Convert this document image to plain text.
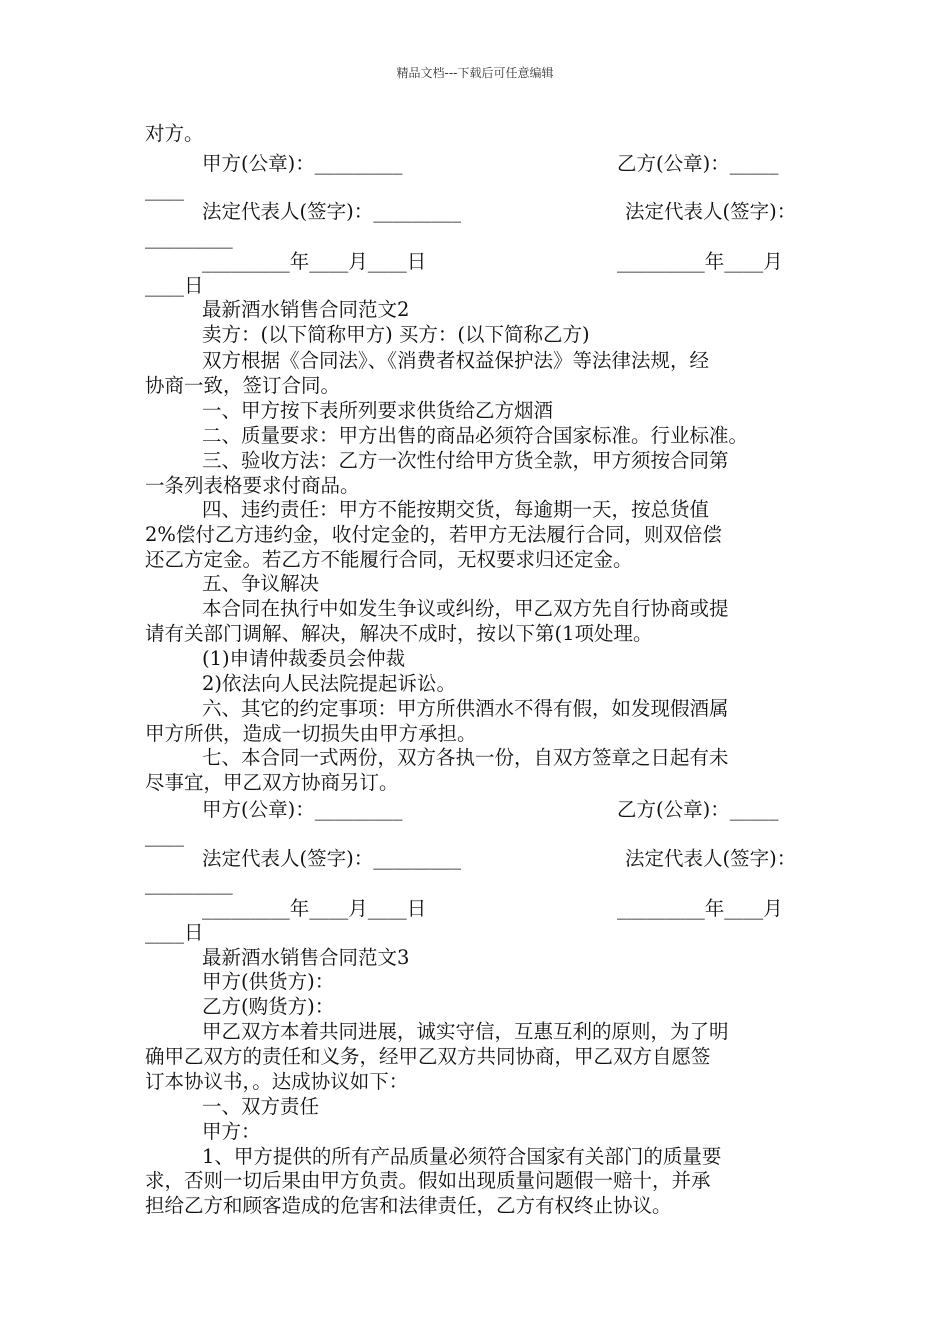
精品文档---下载后可任意编辑
对方。
甲方(公章)：_________	乙方(公章)：_____
____
法定代表人(签字)：_________	法定代表人(签字)：
_________
_________年____月____日	_________年____月
____日
最新酒水销售合同范文2
卖方：(以下简称甲方) 买方：(以下简称乙方)
双方根据《合同法》、《消费者权益保护法》等法律法规，经
协商一致，签订合同。
一、甲方按下表所列要求供货给乙方烟酒
二、质量要求：甲方出售的商品必须符合国家标准。行业标准。
三、验收方法：乙方一次性付给甲方货全款，甲方须按合同第
一条列表格要求付商品。
四、违约责任：甲方不能按期交货，每逾期一天，按总货值
2%偿付乙方违约金，收付定金的，若甲方无法履行合同，则双倍偿
还乙方定金。若乙方不能履行合同，无权要求归还定金。
五、争议解决
本合同在执行中如发生争议或纠纷，甲乙双方先自行协商或提
请有关部门调解、解决，解决不成时，按以下第(1项处理。
(1)申请仲裁委员会仲裁
2)依法向人民法院提起诉讼。
六、其它的约定事项：甲方所供酒水不得有假，如发现假酒属
甲方所供，造成一切损失由甲方承担。
七、本合同一式两份，双方各执一份，自双方签章之日起有未
尽事宜，甲乙双方协商另订。
甲方(公章)：_________	乙方(公章)：_____
____
法定代表人(签字)：_________	法定代表人(签字)：
_________
_________年____月____日	_________年____月
____日
最新酒水销售合同范文3
甲方(供货方)：
乙方(购货方)：
甲乙双方本着共同进展，诚实守信，互惠互利的原则，为了明
确甲乙双方的责任和义务，经甲乙双方共同协商，甲乙双方自愿签
订本协议书，。达成协议如下：
一、双方责任
甲方：
1、甲方提供的所有产品质量必须符合国家有关部门的质量要
求，否则一切后果由甲方负责。假如出现质量问题假一赔十，并承
担给乙方和顾客造成的危害和法律责任，乙方有权终止协议。
